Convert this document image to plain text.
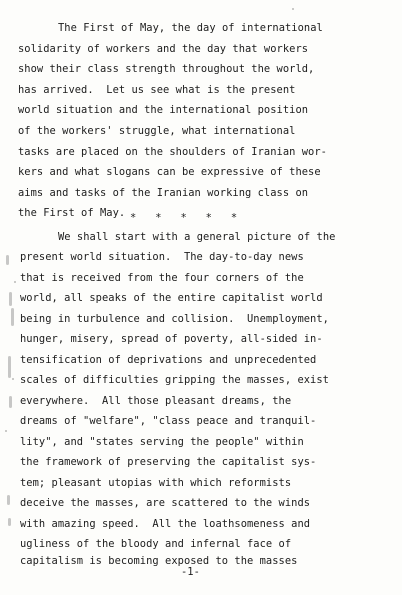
The First of May, the day of international
solidarity of workers and the day that workers
show their class strength throughout the world,
has arrived.  Let us see what is the present
world situation and the international position
of the workers' struggle, what international
tasks are placed on the shoulders of Iranian wor-
kers and what slogans can be expressive of these
aims and tasks of the Iranian working class on
the First of May. *   *   *   *   *
We shall start with a general picture of the
present world situation.  The day-to-day news
that is received from the four corners of the
world, all speaks of the entire capitalist world
being in turbulence and collision.  Unemployment,
hunger, misery, spread of poverty, all-sided in-
tensification of deprivations and unprecedented
scales of difficulties gripping the masses, exist
everywhere.  All those pleasant dreams, the
dreams of "welfare", "class peace and tranquil-
lity", and "states serving the people" within
the framework of preserving the capitalist sys-
tem; pleasant utopias with which reformists
deceive the masses, are scattered to the winds
with amazing speed.  All the loathsomeness and
ugliness of the bloody and infernal face of
capitalism is becoming exposed to the masses
-1-
